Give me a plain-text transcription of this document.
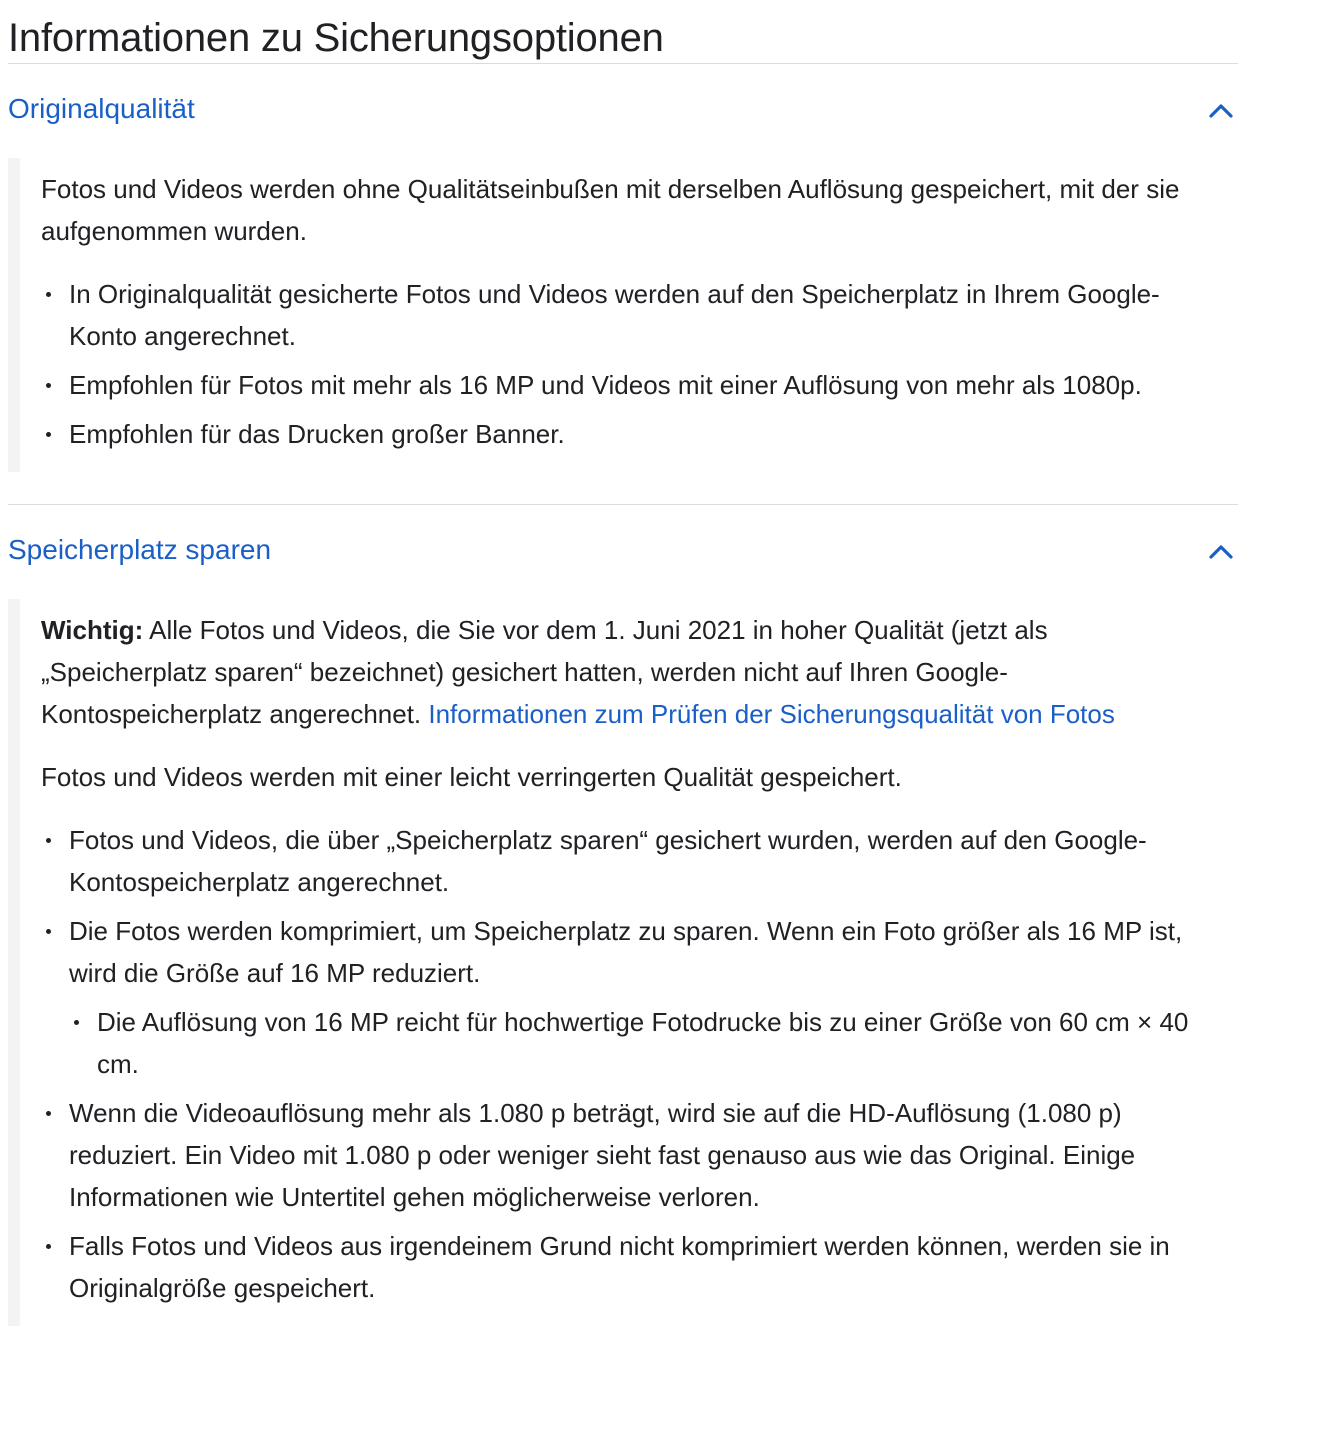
Informationen zu Sicherungsoptionen
Originalqualität

Fotos und Videos werden ohne Qualitätseinbußen mit derselben Auflösung gespeichert, mit der sie aufgenommen wurden.

In Originalqualität gesicherte Fotos und Videos werden auf den Speicherplatz in Ihrem Google-Konto angerechnet.
Empfohlen für Fotos mit mehr als 16 MP und Videos mit einer Auflösung von mehr als 1080p.
Empfohlen für das Drucken großer Banner.
Speicherplatz sparen

Wichtig: Alle Fotos und Videos, die Sie vor dem 1. Juni 2021 in hoher Qualität (jetzt als „Speicherplatz sparen“ bezeichnet) gesichert hatten, werden nicht auf Ihren Google-Kontospeicherplatz angerechnet. Informationen zum Prüfen der Sicherungsqualität von Fotos

Fotos und Videos werden mit einer leicht verringerten Qualität gespeichert.

Fotos und Videos, die über „Speicherplatz sparen“ gesichert wurden, werden auf den Google-Kontospeicherplatz angerechnet.
Die Fotos werden komprimiert, um Speicherplatz zu sparen. Wenn ein Foto größer als 16 MP ist, wird die Größe auf 16 MP reduziert.
Die Auflösung von 16 MP reicht für hochwertige Fotodrucke bis zu einer Größe von 60 cm × 40 cm.
Wenn die Videoauflösung mehr als 1.080 p beträgt, wird sie auf die HD-Auflösung (1.080 p) reduziert. Ein Video mit 1.080 p oder weniger sieht fast genauso aus wie das Original. Einige Informationen wie Untertitel gehen möglicherweise verloren.
Falls Fotos und Videos aus irgendeinem Grund nicht komprimiert werden können, werden sie in Originalgröße gespeichert.
